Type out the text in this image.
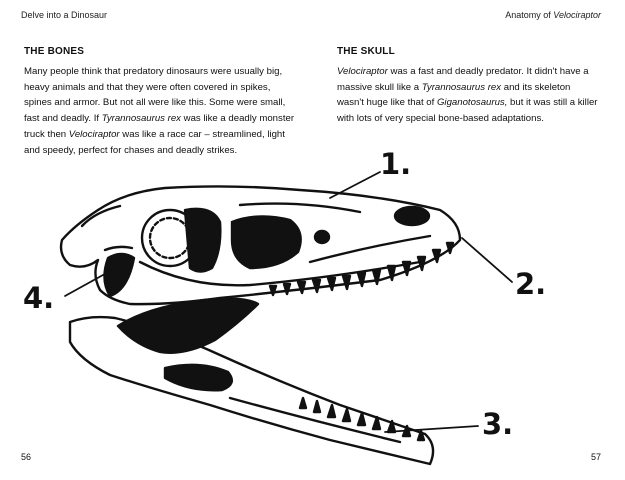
Delve into a Dinosaur	Anatomy of Velociraptor
THE BONES

Many people think that predatory dinosaurs were usually big, heavy animals and that they were often covered in spikes, spines and armor. But not all were like this. Some were small, fast and deadly. If Tyrannosaurus rex was like a deadly monster truck then Velociraptor was like a race car – streamlined, light and speedy, perfect for chases and deadly strikes.

THE SKULL

Velociraptor was a fast and deadly predator. It didn't have a massive skull like a Tyrannosaurus rex and its skeleton wasn't huge like that of Giganotosaurus, but it was still a killer with lots of very special bone-based adaptations.

1.
2.
3.
4.
56	57
